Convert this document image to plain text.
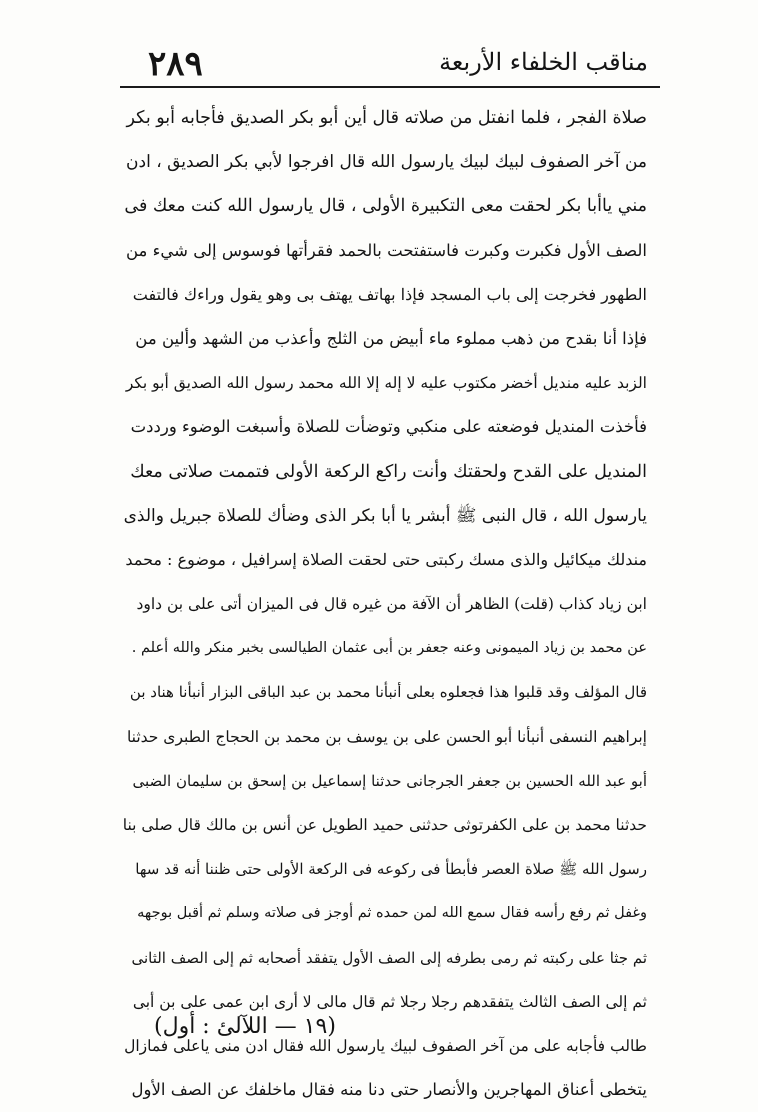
مناقب الخلفاء الأربعة
٢٨٩
صلاة الفجر ، فلما انفتل من صلاته قال أين أبو بكر الصديق فأجابه أبو بكر
من آخر الصفوف لبيك لبيك يارسول الله قال افرجوا لأبي بكر الصديق ، ادن
مني ياأبا بكر لحقت معى التكبيرة الأولى ، قال يارسول الله كنت معك فى
الصف الأول فكبرت وكبرت فاستفتحت بالحمد فقرأتها فوسوس إلى شيء من
الطهور فخرجت إلى باب المسجد فإذا بهاتف يهتف بى وهو يقول وراءك فالتفت
فإذا أنا بقدح من ذهب مملوء ماء أبيض من الثلج وأعذب من الشهد وألين من
الزبد عليه منديل أخضر مكتوب عليه لا إله إلا الله محمد رسول الله الصديق أبو بكر
فأخذت المنديل فوضعته على منكبي وتوضأت للصلاة وأسبغت الوضوء ورددت
المنديل على القدح ولحقتك وأنت راكع الركعة الأولى فتممت صلاتى معك
يارسول الله ، قال النبى ﷺ أبشر يا أبا بكر الذى وضأك للصلاة جبريل والذى
مندلك ميكائيل والذى مسك ركبتى حتى لحقت الصلاة إسرافيل ، موضوع : محمد
ابن زياد كذاب (قلت) الظاهر أن الآفة من غيره قال فى الميزان أتى على بن داود
عن محمد بن زياد الميمونى وعنه جعفر بن أبى عثمان الطيالسى بخبر منكر والله أعلم .
قال المؤلف وقد قلبوا هذا فجعلوه بعلى أنبأنا محمد بن عبد الباقى البزار أنبأنا هناد بن
إبراهيم النسفى أنبأنا أبو الحسن على بن يوسف بن محمد بن الحجاج الطبرى حدثنا
أبو عبد الله الحسين بن جعفر الجرجانى حدثنا إسماعيل بن إسحق بن سليمان الضبى
حدثنا محمد بن على الكفرتوثى حدثنى حميد الطويل عن أنس بن مالك قال صلى بنا
رسول الله ﷺ صلاة العصر فأبطأ فى ركوعه فى الركعة الأولى حتى ظننا أنه قد سها
وغفل ثم رفع رأسه فقال سمع الله لمن حمده ثم أوجز فى صلاته وسلم ثم أقبل بوجهه
ثم جثا على ركبته ثم رمى بطرفه إلى الصف الأول يتفقد أصحابه ثم إلى الصف الثانى
ثم إلى الصف الثالث يتفقدهم رجلا رجلا ثم قال مالى لا أرى ابن عمى على بن أبى
طالب فأجابه على من آخر الصفوف لبيك يارسول الله فقال ادن منى ياعلى فمازال
يتخطى أعناق المهاجرين والأنصار حتى دنا منه فقال ماخلفك عن الصف الأول
(١٩ — اللآلئ : أول)
